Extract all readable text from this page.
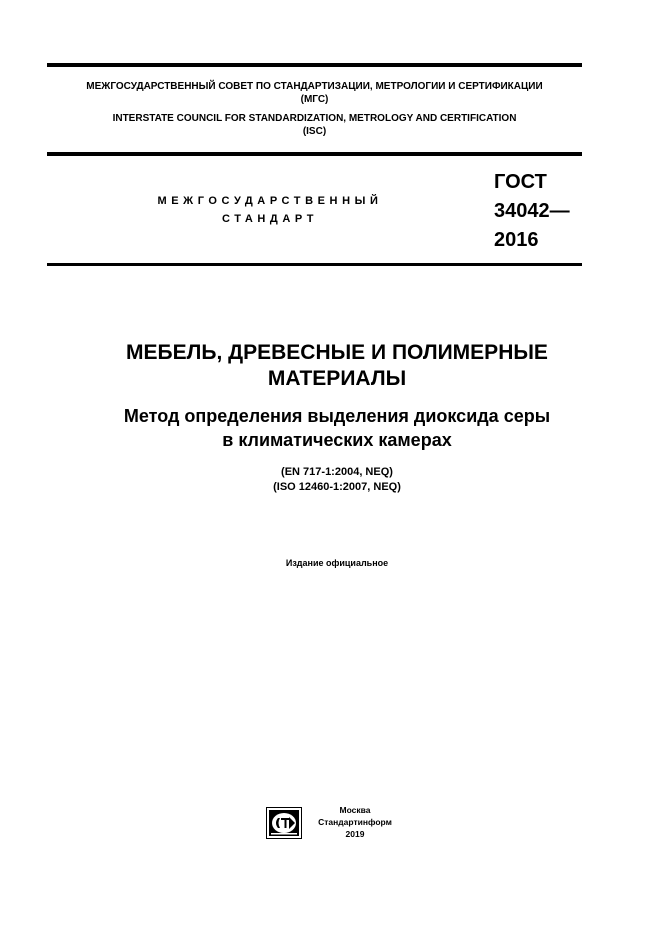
МЕЖГОСУДАРСТВЕННЫЙ СОВЕТ ПО СТАНДАРТИЗАЦИИ, МЕТРОЛОГИИ И СЕРТИФИКАЦИИ
(МГС)
INTERSTATE COUNCIL FOR STANDARDIZATION, METROLOGY AND CERTIFICATION
(ISC)
МЕЖГОСУДАРСТВЕННЫЙ
СТАНДАРТ
ГОСТ
34042—
2016
МЕБЕЛЬ, ДРЕВЕСНЫЕ И ПОЛИМЕРНЫЕ
МАТЕРИАЛЫ
Метод определения выделения диоксида серы
в климатических камерах
(EN 717-1:2004, NEQ)
(ISO 12460-1:2007, NEQ)
Издание официальное
Москва
Стандартинформ
2019
